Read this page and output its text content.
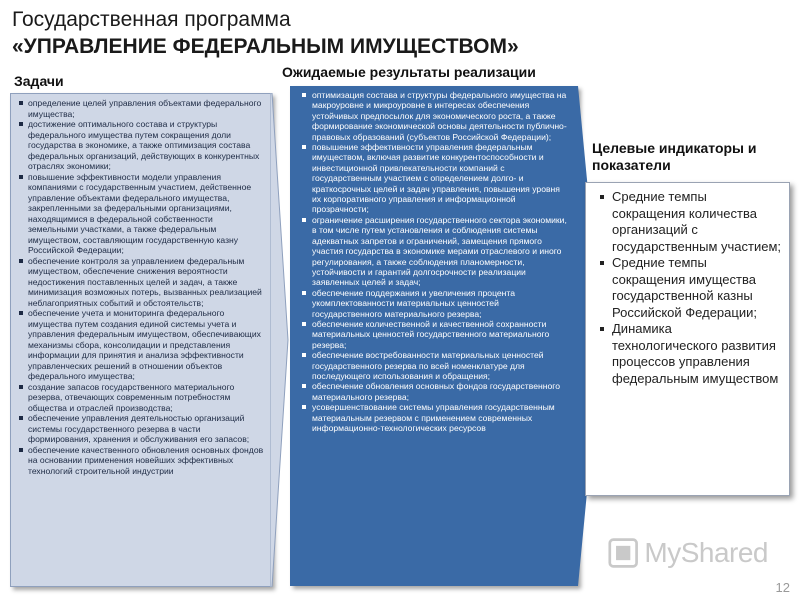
Государственная программа
«УПРАВЛЕНИЕ ФЕДЕРАЛЬНЫМ ИМУЩЕСТВОМ»
Задачи
Ожидаемые результаты реализации
Целевые индикаторы и показатели
определение целей управления объектами федерального имущества;
достижение оптимального состава и структуры федерального имущества путем сокращения доли государства в экономике, а также оптимизация состава федеральных организаций, действующих в конкурентных отраслях экономики;
повышение эффективности модели управления компаниями с государственным участием, действенное управление объектами федерального имущества, закрепленными за федеральными организациями, находящимися в федеральной собственности земельными участками, а также федеральным имуществом, составляющим государственную казну Российской Федерации;
обеспечение контроля за управлением федеральным имуществом, обеспечение снижения вероятности недостижения поставленных целей и задач, а также минимизация возможных потерь, вызванных реализацией неблагоприятных событий и обстоятельств;
обеспечение учета и мониторинга федерального имущества путем создания единой системы учета и управления федеральным имуществом, обеспечивающих механизмы сбора, консолидации и представления информации для принятия и анализа эффективности управленческих решений в отношении объектов федерального имущества;
создание запасов государственного материального резерва, отвечающих современным потребностям общества и отраслей производства;
обеспечение управления деятельностью организаций системы государственного резерва в части формирования, хранения и обслуживания его запасов;
обеспечение качественного обновления основных фондов на основании применения новейших эффективных технологий строительной индустрии
оптимизация состава и структуры федерального имущества на макроуровне и микроуровне в интересах обеспечения устойчивых предпосылок для экономического роста, а также формирование экономической основы деятельности публично-правовых образований (субъектов Российской Федерации);
повышение эффективности управления федеральным имуществом, включая развитие конкурентоспособности и инвестиционной привлекательности компаний с государственным участием с определением долго- и краткосрочных целей и задач управления, повышения уровня их корпоративного управления и информационной прозрачности;
ограничение расширения государственного сектора экономики, в том числе путем установления и соблюдения системы адекватных запретов и ограничений, замещения прямого участия государства в экономике мерами отраслевого и иного регулирования, а также соблюдения планомерности, устойчивости и гарантий долгосрочности реализации заявленных целей и задач;
обеспечение поддержания и увеличения процента укомплектованности материальных ценностей государственного материального резерва;
обеспечение количественной и качественной сохранности материальных ценностей государственного материального резерва;
обеспечение востребованности материальных ценностей государственного резерва по всей номенклатуре для последующего использования и обращения;
обеспечение обновления основных фондов государственного материального резерва;
усовершенствование системы управления государственным материальным резервом с применением современных информационно-технологических ресурсов
Средние темпы сокращения количества организаций с государственным участием;
Средние темпы сокращения имущества государственной казны Российской Федерации;
Динамика технологического развития процессов управления федеральным имуществом
MyShared
12
